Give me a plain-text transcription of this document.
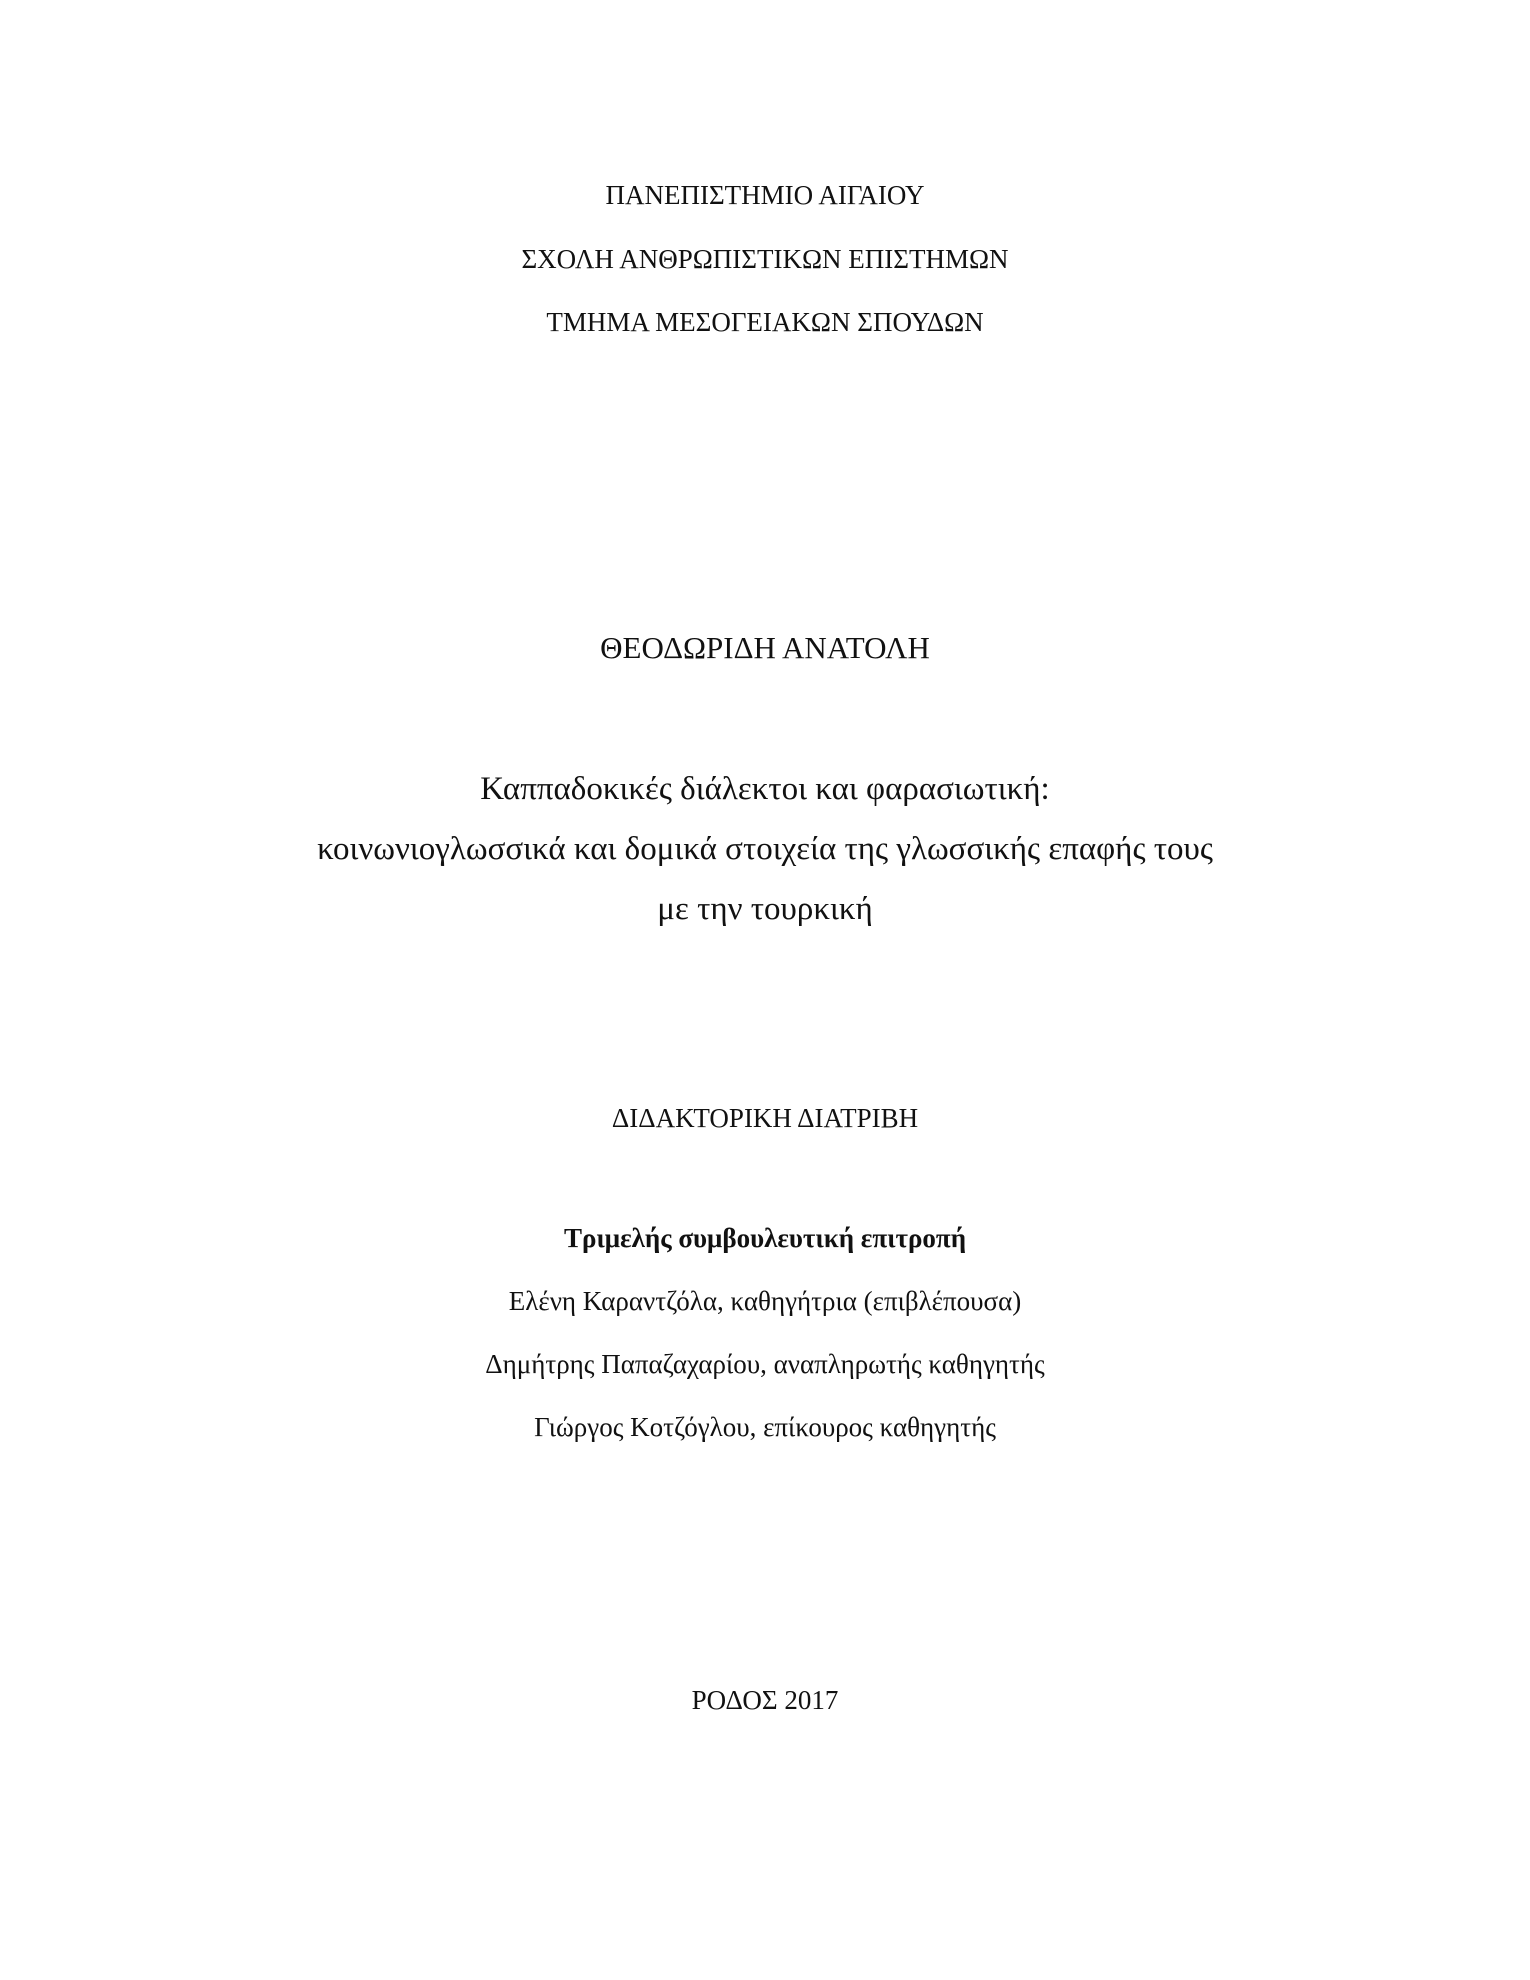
ΠΑΝΕΠΙΣΤΗΜΙΟ ΑΙΓΑΙΟΥ
ΣΧΟΛΗ ΑΝΘΡΩΠΙΣΤΙΚΩΝ ΕΠΙΣΤΗΜΩΝ
ΤΜΗΜΑ ΜΕΣΟΓΕΙΑΚΩΝ ΣΠΟΥΔΩΝ
ΘΕΟΔΩΡΙΔΗ ΑΝΑΤΟΛΗ
Καππαδοκικές διάλεκτοι και φαρασιωτική:
κοινωνιογλωσσικά και δομικά στοιχεία της γλωσσικής επαφής τους
με την τουρκική
ΔΙΔΑΚΤΟΡΙΚΗ ΔΙΑΤΡΙΒΗ
Τριμελής συμβουλευτική επιτροπή
Ελένη Καραντζόλα, καθηγήτρια (επιβλέπουσα)
Δημήτρης Παπαζαχαρίου, αναπληρωτής καθηγητής
Γιώργος Κοτζόγλου, επίκουρος καθηγητής
ΡΟΔΟΣ 2017
